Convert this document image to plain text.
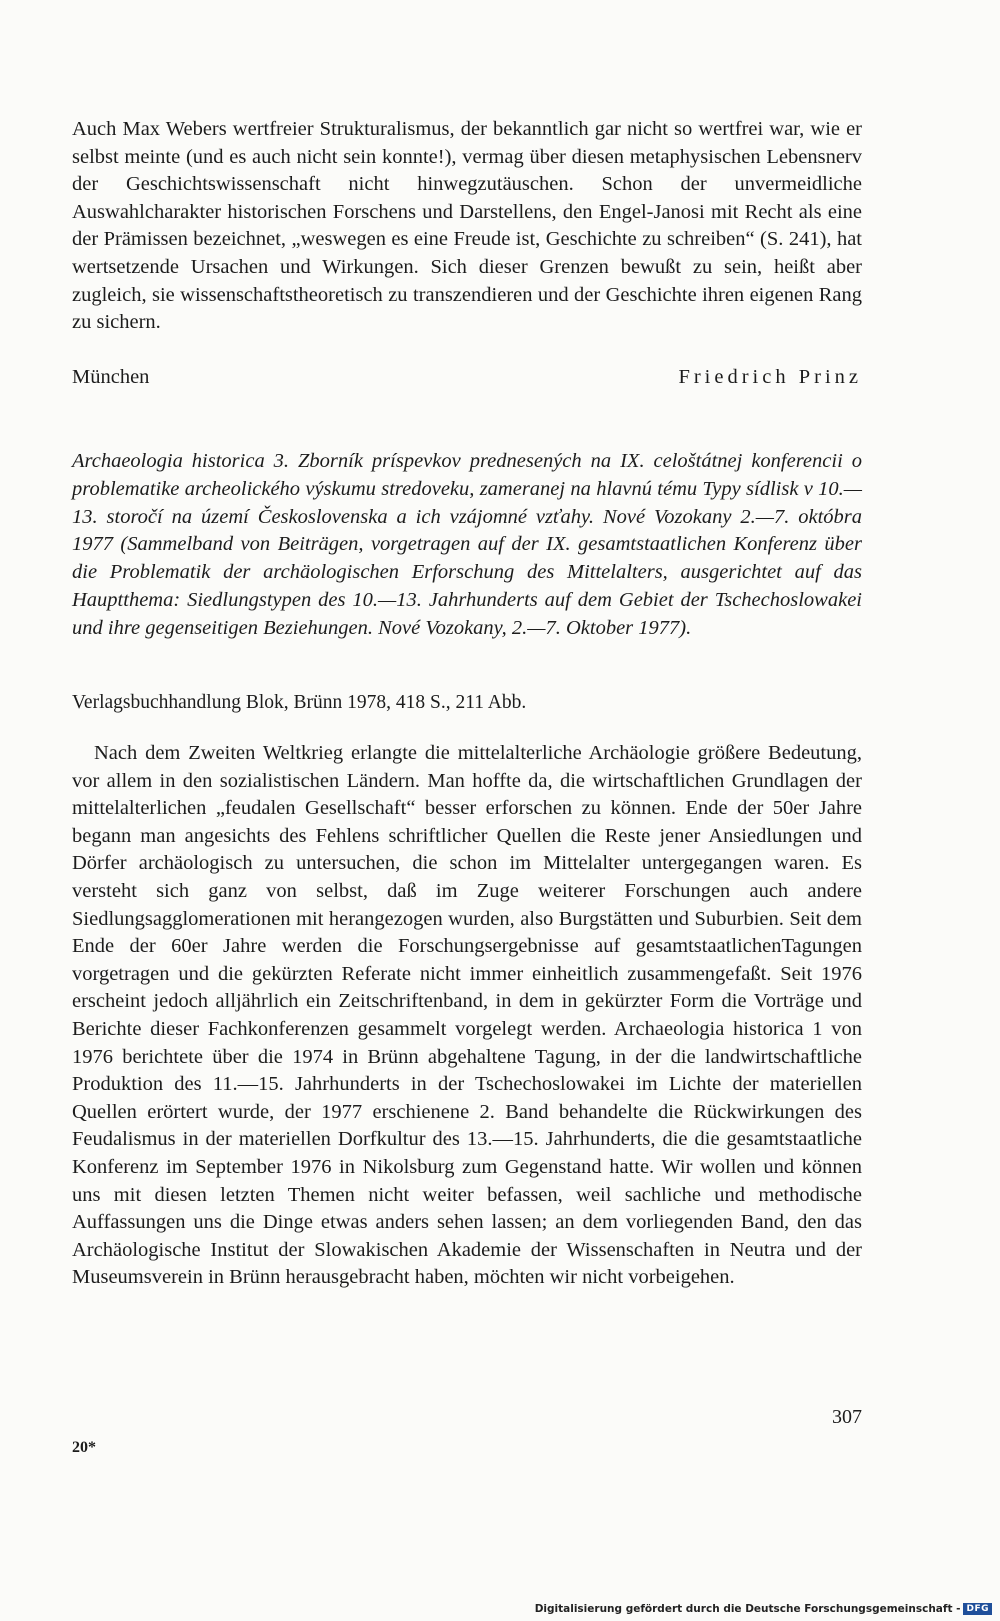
Auch Max Webers wertfreier Strukturalismus, der bekanntlich gar nicht so wertfrei war, wie er selbst meinte (und es auch nicht sein konnte!), vermag über diesen metaphysischen Lebensnerv der Geschichtswissenschaft nicht hinwegzutäuschen. Schon der unvermeidliche Auswahlcharakter historischen Forschens und Darstellens, den Engel-Janosi mit Recht als eine der Prämissen bezeichnet, „weswegen es eine Freude ist, Geschichte zu schreiben“ (S. 241), hat wertsetzende Ursachen und Wirkungen. Sich dieser Grenzen bewußt zu sein, heißt aber zugleich, sie wissenschaftstheoretisch zu transzendieren und der Geschichte ihren eigenen Rang zu sichern.
München	Friedrich Prinz
Archaeologia historica 3. Zborník príspevkov prednesených na IX. celoštátnej konferencii o problematike archeolického výskumu stredoveku, zameranej na hlavnú tému Typy sídlisk v 10.—13. storočí na území Československa a ich vzájomné vzťahy. Nové Vozokany 2.—7. októbra 1977 (Sammelband von Beiträgen, vorgetragen auf der IX. gesamtstaatlichen Konferenz über die Problematik der archäologischen Erforschung des Mittelalters, ausgerichtet auf das Hauptthema: Siedlungstypen des 10.—13. Jahrhunderts auf dem Gebiet der Tschechoslowakei und ihre gegenseitigen Beziehungen. Nové Vozokany, 2.—7. Oktober 1977).
Verlagsbuchhandlung Blok, Brünn 1978, 418 S., 211 Abb.
Nach dem Zweiten Weltkrieg erlangte die mittelalterliche Archäologie größere Bedeutung, vor allem in den sozialistischen Ländern. Man hoffte da, die wirtschaftlichen Grundlagen der mittelalterlichen „feudalen Gesellschaft“ besser erforschen zu können. Ende der 50er Jahre begann man angesichts des Fehlens schriftlicher Quellen die Reste jener Ansiedlungen und Dörfer archäologisch zu untersuchen, die schon im Mittelalter untergegangen waren. Es versteht sich ganz von selbst, daß im Zuge weiterer Forschungen auch andere Siedlungsagglomerationen mit herangezogen wurden, also Burgstätten und Suburbien. Seit dem Ende der 60er Jahre werden die Forschungsergebnisse auf gesamtstaatlichenTagungen vorgetragen und die gekürzten Referate nicht immer einheitlich zusammengefaßt. Seit 1976 erscheint jedoch alljährlich ein Zeitschriftenband, in dem in gekürzter Form die Vorträge und Berichte dieser Fachkonferenzen gesammelt vorgelegt werden. Archaeologia historica 1 von 1976 berichtete über die 1974 in Brünn abgehaltene Tagung, in der die landwirtschaftliche Produktion des 11.—15. Jahrhunderts in der Tschechoslowakei im Lichte der materiellen Quellen erörtert wurde, der 1977 erschienene 2. Band behandelte die Rückwirkungen des Feudalismus in der materiellen Dorfkultur des 13.—15. Jahrhunderts, die die gesamtstaatliche Konferenz im September 1976 in Nikolsburg zum Gegenstand hatte. Wir wollen und können uns mit diesen letzten Themen nicht weiter befassen, weil sachliche und methodische Auffassungen uns die Dinge etwas anders sehen lassen; an dem vorliegenden Band, den das Archäologische Institut der Slowakischen Akademie der Wissenschaften in Neutra und der Museumsverein in Brünn herausgebracht haben, möchten wir nicht vorbeigehen.
307
20*
Digitalisierung gefördert durch die Deutsche Forschungsgemeinschaft - DFG
